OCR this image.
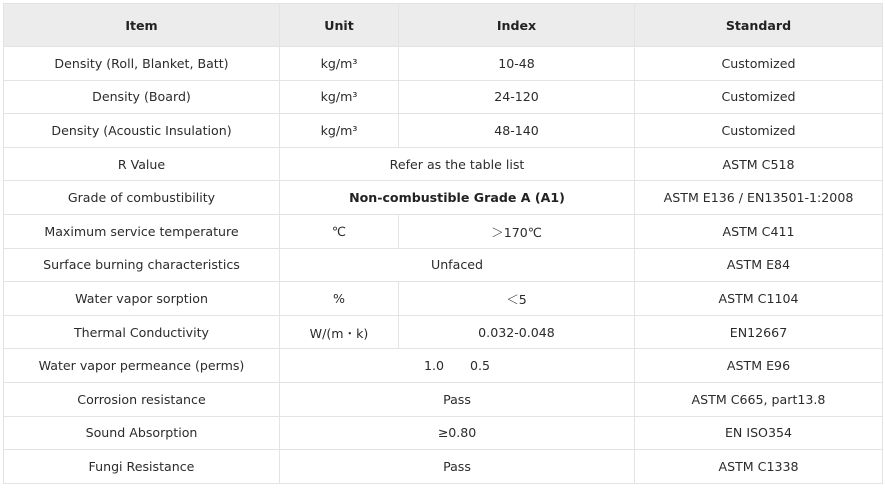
Item	Unit	Index	Standard
Density (Roll, Blanket, Batt)	kg/m³	10-48	Customized
Density (Board)	kg/m³	24-120	Customized
Density (Acoustic Insulation)	kg/m³	48-140	Customized
R Value	Refer as the table list		ASTM C518
Grade of combustibility	Non-combustible Grade A (A1)		ASTM E136 / EN13501-1:2008
Maximum service temperature	℃	＞170℃	ASTM C411
Surface burning characteristics	Unfaced		ASTM E84
Water vapor sorption	%	＜5	ASTM C1104
Thermal Conductivity	W/(m・k)	0.032-0.048	EN12667
Water vapor permeance (perms)	1.0 0.5		ASTM E96
Corrosion resistance	Pass		ASTM C665, part13.8
Sound Absorption	≥0.80		EN ISO354
Fungi Resistance	Pass		ASTM C1338
